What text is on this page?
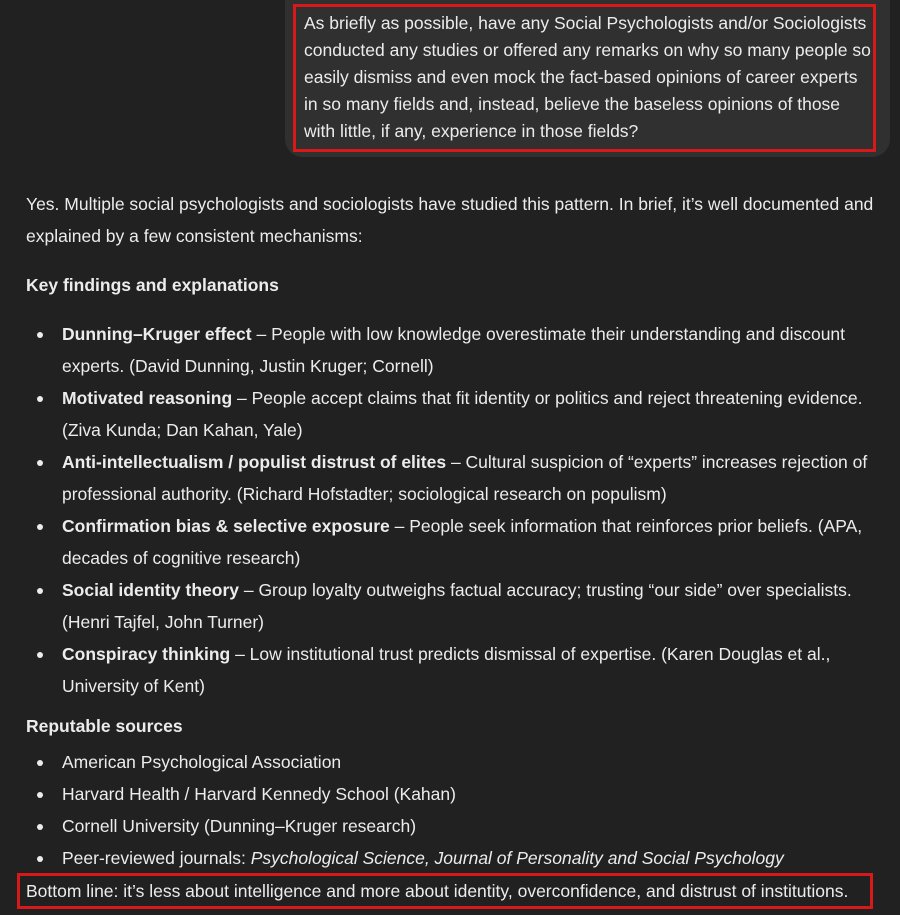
As briefly as possible, have any Social Psychologists and/or Sociologists conducted any studies or offered any remarks on why so many people so easily dismiss and even mock the fact-based opinions of career experts in so many fields and, instead, believe the baseless opinions of those with little, if any, experience in those fields?

Yes. Multiple social psychologists and sociologists have studied this pattern. In brief, it’s well documented and explained by a few consistent mechanisms:

Key findings and explanations

Dunning–Kruger effect – People with low knowledge overestimate their understanding and discount experts. (David Dunning, Justin Kruger; Cornell)
Motivated reasoning – People accept claims that fit identity or politics and reject threatening evidence. (Ziva Kunda; Dan Kahan, Yale)
Anti-intellectualism / populist distrust of elites – Cultural suspicion of “experts” increases rejection of professional authority. (Richard Hofstadter; sociological research on populism)
Confirmation bias & selective exposure – People seek information that reinforces prior beliefs. (APA, decades of cognitive research)
Social identity theory – Group loyalty outweighs factual accuracy; trusting “our side” over specialists. (Henri Tajfel, John Turner)
Conspiracy thinking – Low institutional trust predicts dismissal of expertise. (Karen Douglas et al., University of Kent)

Reputable sources

American Psychological Association
Harvard Health / Harvard Kennedy School (Kahan)
Cornell University (Dunning–Kruger research)
Peer-reviewed journals: Psychological Science, Journal of Personality and Social Psychology
Bottom line: it’s less about intelligence and more about identity, overconfidence, and distrust of institutions.
